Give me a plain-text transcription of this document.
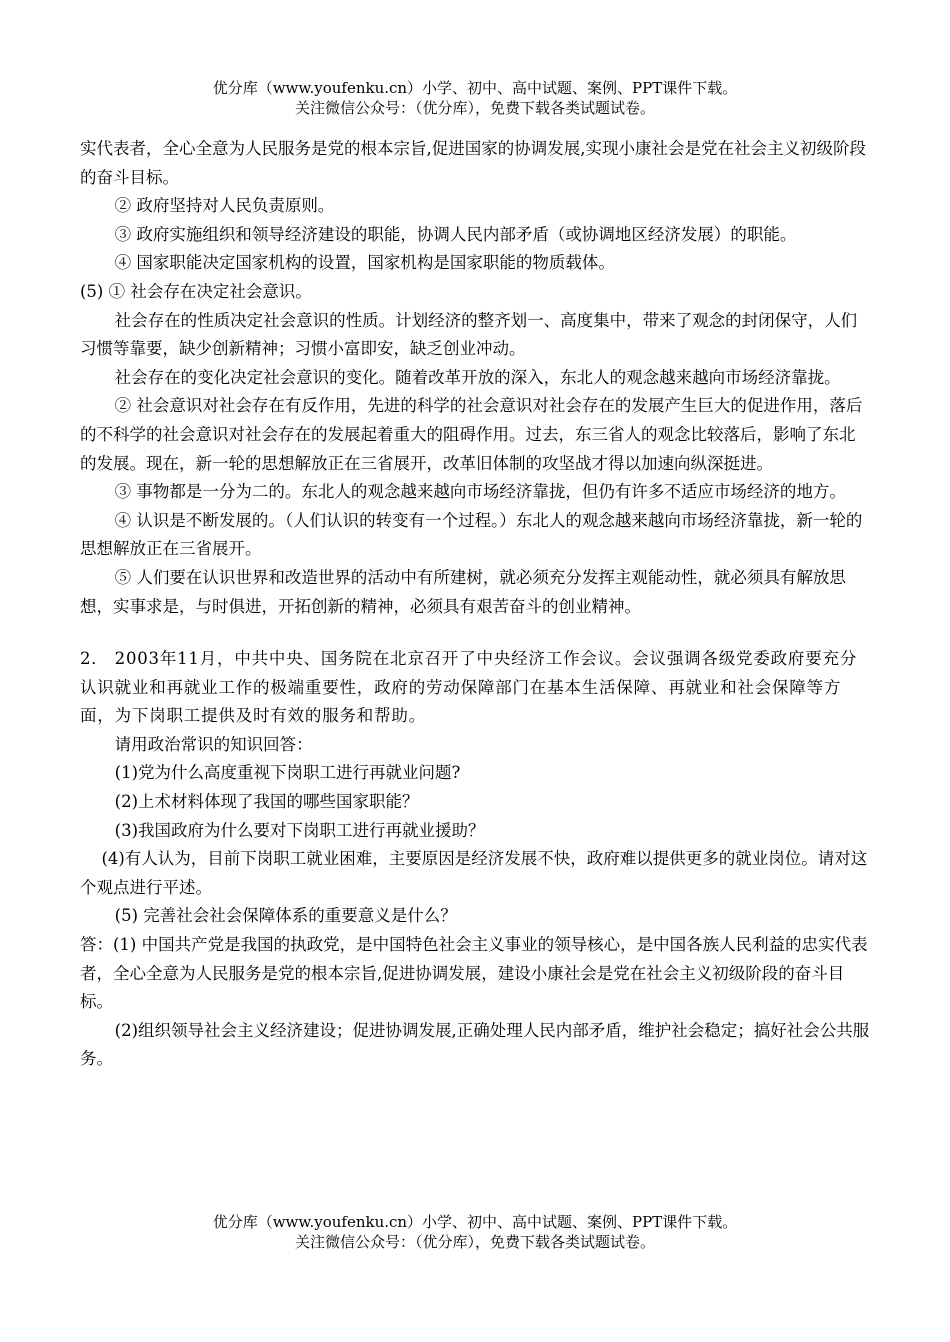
优分库（www.youfenku.cn）小学、初中、高中试题、案例、PPT课件下载。
关注微信公众号：（优分库），免费下载各类试题试卷。

实代表者，全心全意为人民服务是党的根本宗旨,促进国家的协调发展,实现小康社会是党在社会主义初级阶段的奋斗目标。

② 政府坚持对人民负责原则。

③ 政府实施组织和领导经济建设的职能，协调人民内部矛盾（或协调地区经济发展）的职能。

④ 国家职能决定国家机构的设置，国家机构是国家职能的物质载体。

(5) ① 社会存在决定社会意识。

社会存在的性质决定社会意识的性质。计划经济的整齐划一、高度集中，带来了观念的封闭保守，人们习惯等靠要，缺少创新精神；习惯小富即安，缺乏创业冲动。

社会存在的变化决定社会意识的变化。随着改革开放的深入，东北人的观念越来越向市场经济靠拢。

② 社会意识对社会存在有反作用，先进的科学的社会意识对社会存在的发展产生巨大的促进作用，落后的不科学的社会意识对社会存在的发展起着重大的阻碍作用。过去，东三省人的观念比较落后，影响了东北的发展。现在，新一轮的思想解放正在三省展开，改革旧体制的攻坚战才得以加速向纵深挺进。

③ 事物都是一分为二的。东北人的观念越来越向市场经济靠拢，但仍有许多不适应市场经济的地方。

④ 认识是不断发展的。（人们认识的转变有一个过程。）东北人的观念越来越向市场经济靠拢，新一轮的思想解放正在三省展开。

⑤ 人们要在认识世界和改造世界的活动中有所建树，就必须充分发挥主观能动性，就必须具有解放思想，实事求是，与时俱进，开拓创新的精神，必须具有艰苦奋斗的创业精神。

2． 2003年11月，中共中央、国务院在北京召开了中央经济工作会议。会议强调各级党委政府要充分认识就业和再就业工作的极端重要性，政府的劳动保障部门在基本生活保障、再就业和社会保障等方面，为下岗职工提供及时有效的服务和帮助。

请用政治常识的知识回答：

(1)党为什么高度重视下岗职工进行再就业问题?

(2)上术材料体现了我国的哪些国家职能？

(3)我国政府为什么要对下岗职工进行再就业援助？

(4)有人认为，目前下岗职工就业困难，主要原因是经济发展不快，政府难以提供更多的就业岗位。请对这个观点进行平述。

(5) 完善社会社会保障体系的重要意义是什么？

答：(1) 中国共产党是我国的执政党，是中国特色社会主义事业的领导核心，是中国各族人民利益的忠实代表者，全心全意为人民服务是党的根本宗旨,促进协调发展，建设小康社会是党在社会主义初级阶段的奋斗目标。

(2)组织领导社会主义经济建设；促进协调发展,正确处理人民内部矛盾，维护社会稳定；搞好社会公共服务。

优分库（www.youfenku.cn）小学、初中、高中试题、案例、PPT课件下载。
关注微信公众号：（优分库），免费下载各类试题试卷。
